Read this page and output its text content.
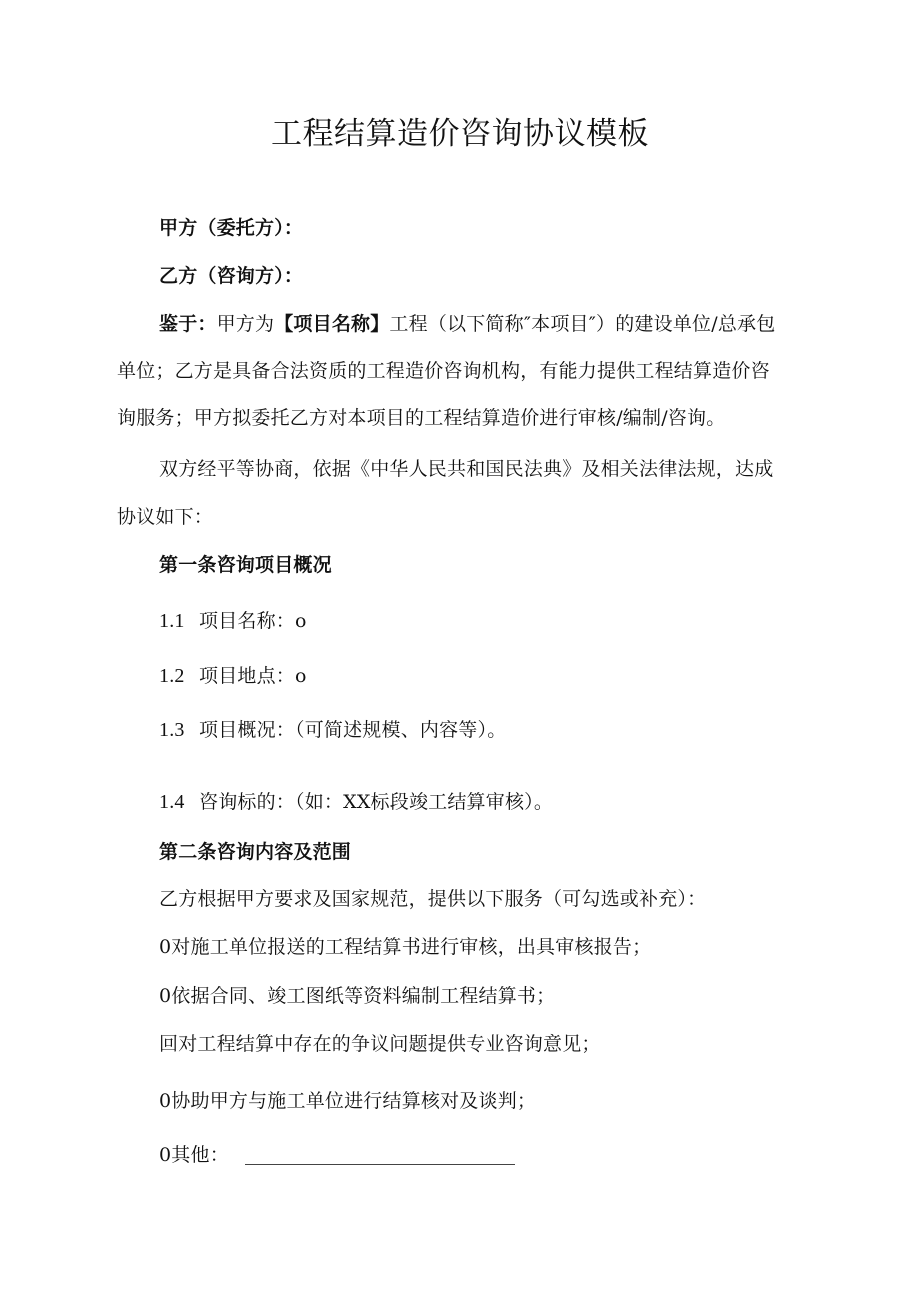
工程结算造价咨询协议模板
甲方（委托方）：
乙方（咨询方）：
鉴于：甲方为【项目名称】工程（以下简称″本项目″）的建设单位/总承包
单位；乙方是具备合法资质的工程造价咨询机构，有能力提供工程结算造价咨
询服务；甲方拟委托乙方对本项目的工程结算造价进行审核/编制/咨询。
双方经平等协商，依据《中华人民共和国民法典》及相关法律法规，达成
协议如下：
第一条咨询项目概况
1.1 项目名称：o
1.2 项目地点：o
1.3 项目概况：（可简述规模、内容等）。
1.4 咨询标的：（如：XX标段竣工结算审核）。
第二条咨询内容及范围
乙方根据甲方要求及国家规范，提供以下服务（可勾选或补充）：
0对施工单位报送的工程结算书进行审核，出具审核报告；
0依据合同、竣工图纸等资料编制工程结算书；
回对工程结算中存在的争议问题提供专业咨询意见；
0协助甲方与施工单位进行结算核对及谈判；
0其他：
